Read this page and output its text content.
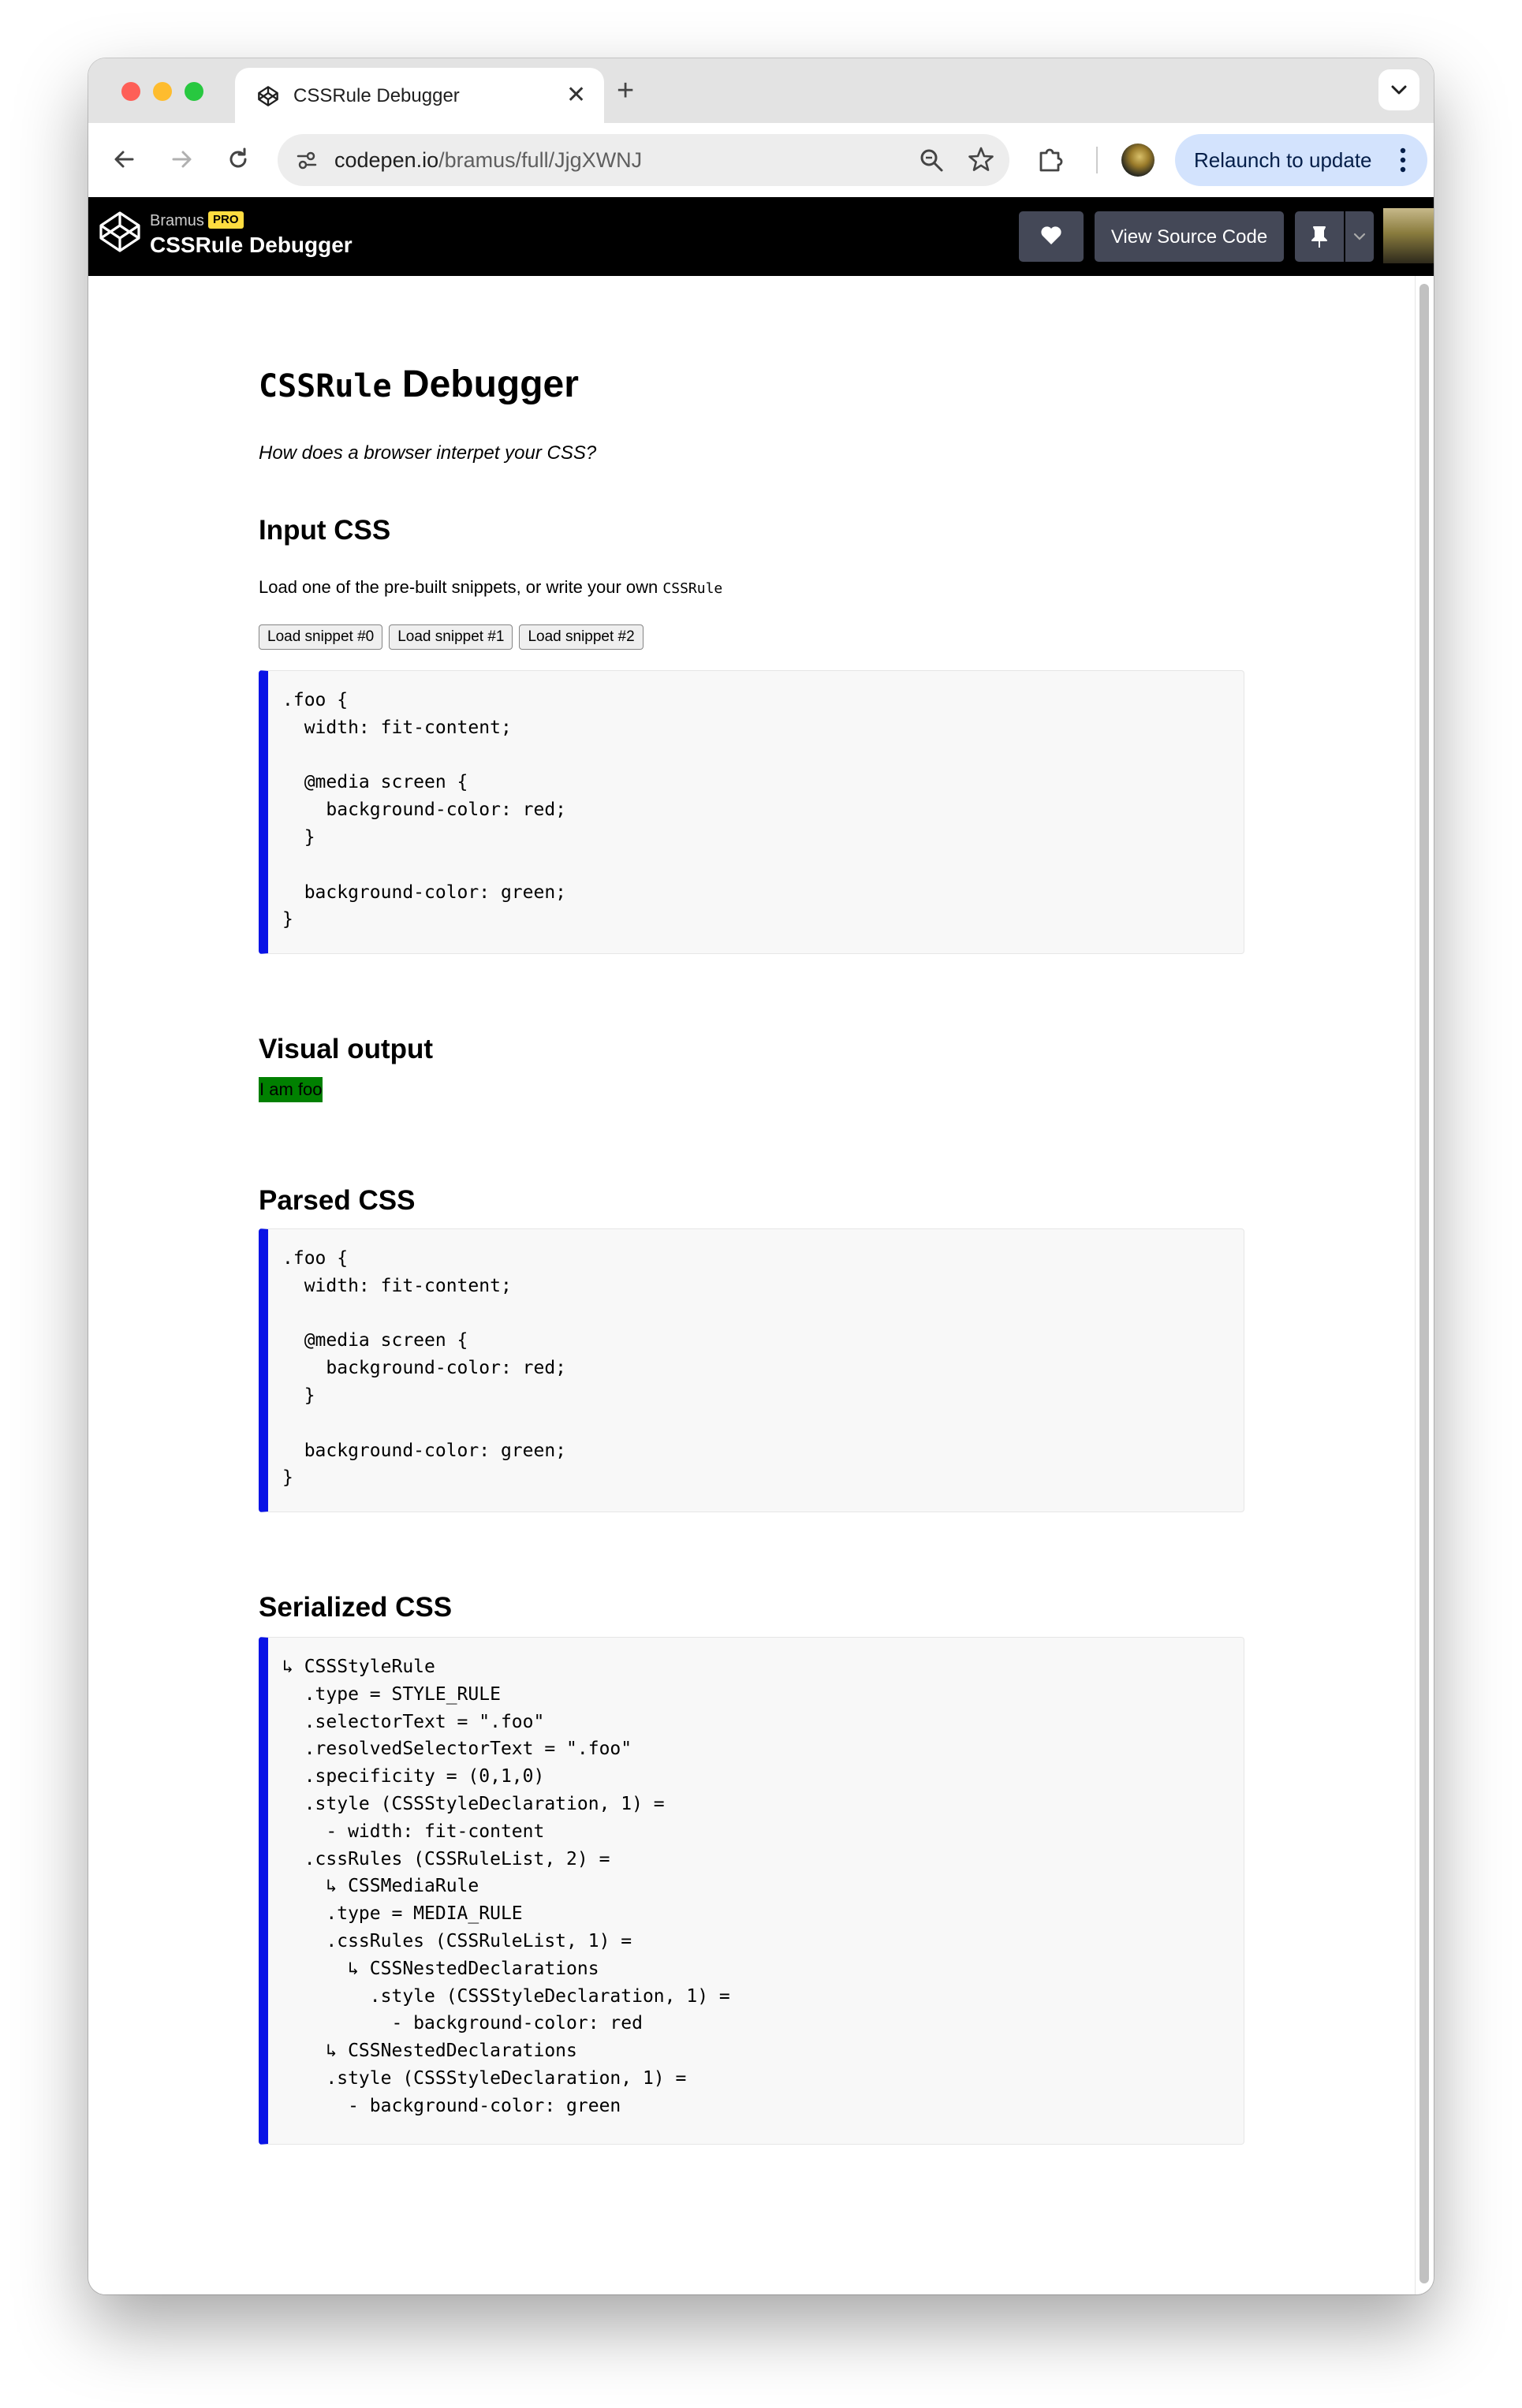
CSSRule Debugger	✕ +
codepen.io/bramus/full/JjgXWNJ	Relaunch to update
Bramus PRO
CSSRule Debugger	View Source Code
CSSRule Debugger

How does a browser interpet your CSS?

Input CSS

Load one of the pre-built snippets, or write your own CSSRule

Load snippet #0	Load snippet #1	Load snippet #2
.foo {
width: fit-content;

@media screen {
background-color: red;
}

background-color: green;
}
Visual output
I am foo
Parsed CSS
.foo {
width: fit-content;

@media screen {
background-color: red;
}

background-color: green;
}
Serialized CSS
↳ CSSStyleRule
.type = STYLE_RULE
.selectorText = ".foo"
.resolvedSelectorText = ".foo"
.specificity = (0,1,0)
.style (CSSStyleDeclaration, 1) =
- width: fit-content
.cssRules (CSSRuleList, 2) =
↳ CSSMediaRule
.type = MEDIA_RULE
.cssRules (CSSRuleList, 1) =
↳ CSSNestedDeclarations
.style (CSSStyleDeclaration, 1) =
- background-color: red
↳ CSSNestedDeclarations
.style (CSSStyleDeclaration, 1) =
- background-color: green
